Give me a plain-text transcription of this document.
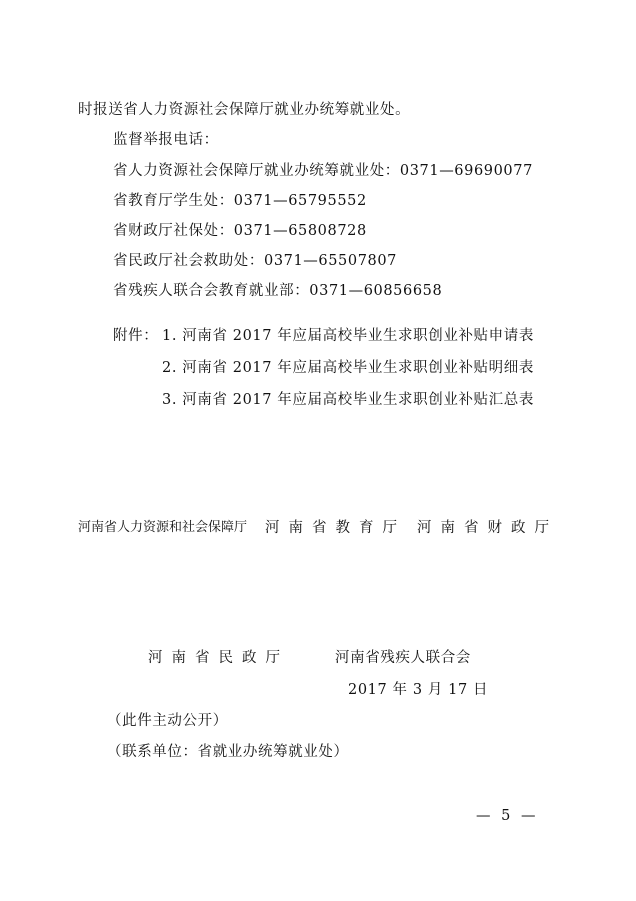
时报送省人力资源社会保障厅就业办统筹就业处。
监督举报电话：
省人力资源社会保障厅就业办统筹就业处：0371—69690077
省教育厅学生处：0371—65795552
省财政厅社保处：0371—65808728
省民政厅社会救助处：0371—65507807
省残疾人联合会教育就业部：0371—60856658
附件： 1. 河南省 2017 年应届高校毕业生求职创业补贴申请表
2. 河南省 2017 年应届高校毕业生求职创业补贴明细表
3. 河南省 2017 年应届高校毕业生求职创业补贴汇总表
河南省人力资源和社会保障厅 河南省教育厅 河南省财政厅
河南省民政厅	河南省残疾人联合会
2017 年 3 月 17 日
（此件主动公开）
（联系单位：省就业办统筹就业处）
— 5 —
